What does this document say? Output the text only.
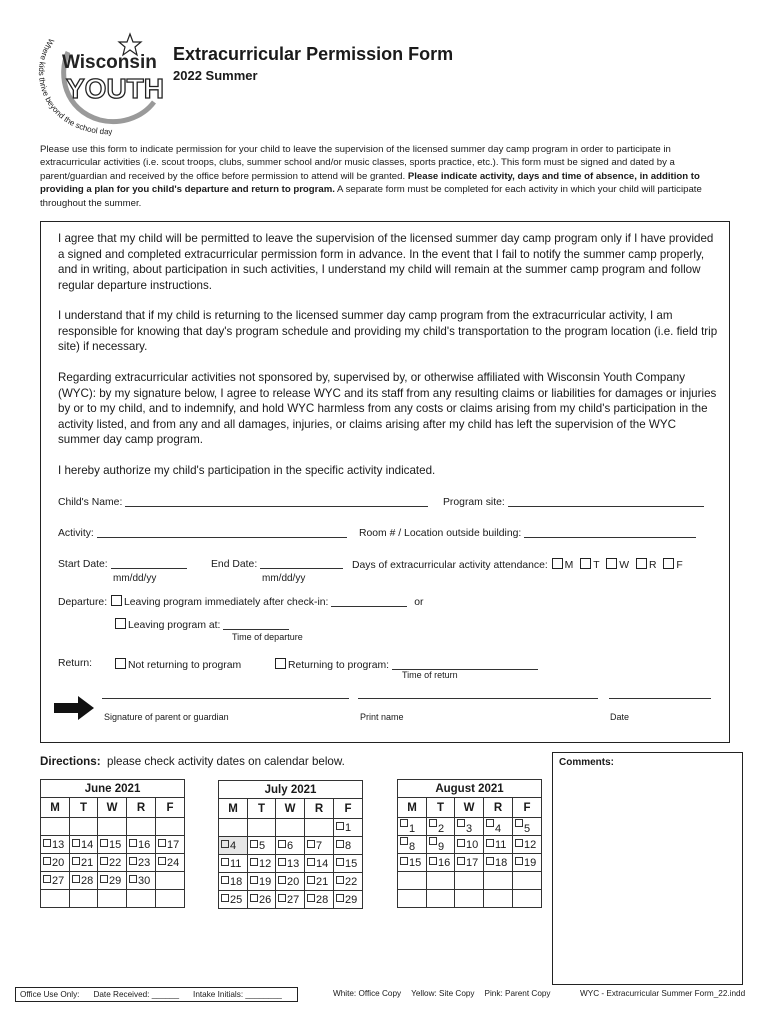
Where kids thrive beyond the school day
Wisconsin
YOUTH
Extracurricular Permission Form
2022 Summer
Please use this form to indicate permission for your child to leave the supervision of the licensed summer day camp program in order to participate in extracurricular activities (i.e. scout troops, clubs, summer school and/or music classes, sports practice, etc.). This form must be signed and dated by a parent/guardian and received by the office before permission to attend will be granted. Please indicate activity, days and time of absence, in addition to providing a plan for you child's departure and return to program. A separate form must be completed for each activity in which your child will participate throughout the summer.
I agree that my child will be permitted to leave the supervision of the licensed summer day camp program only if I have provided a signed and completed extracurricular permission form in advance. In the event that I fail to notify the summer camp properly, and in writing, about participation in such activities, I understand my child will remain at the summer camp program and follow regular departure instructions.
I understand that if my child is returning to the licensed summer day camp program from the extracurricular activity, I am responsible for knowing that day's program schedule and providing my child's transportation to the program location (i.e. field trip site) if necessary.
Regarding extracurricular activities not sponsored by, supervised by, or otherwise affiliated with Wisconsin Youth Company (WYC): by my signature below, I agree to release WYC and its staff from any resulting claims or liabilities for damages or injuries by or to my child, and to indemnify, and hold WYC harmless from any costs or claims arising from my child's participation in the activity listed, and from any and all damages, injuries, or claims arising after my child has left the supervision of the WYC summer day camp program.
I hereby authorize my child's participation in the specific activity indicated.
Child's Name:	Program site:
Activity:	Room # / Location outside building:
Start Date:
mm/dd/yy
End Date:
mm/dd/yy
Days of extracurricular activity attendance: M T W R F
Departure: Leaving program immediately after check-in:	or
Leaving program at:
Time of departure
Return:	Not returning to program	Returning to program:
Time of return
Signature of parent or guardian	Print name	Date
Directions: please check activity dates on calendar below.	Comments:
June 2021				
M	T	W	R	F

13	14	15	16	17
20	21	22	23	24
27	28	29	30	

July 2021				
M	T	W	R	F
				1
4	5	6	7	8
11	12	13	14	15
18	19	20	21	22
25	26	27	28	29
August 2021				
M	T	W	R	F
1	2	3	4	5
8	9	10	11	12
15	16	17	18	19

Office Use Only: Date Received: ______ Intake Initials: ________	White: Office Copy Yellow: Site Copy Pink: Parent Copy	WYC - Extracurricular Summer Form_22.indd
